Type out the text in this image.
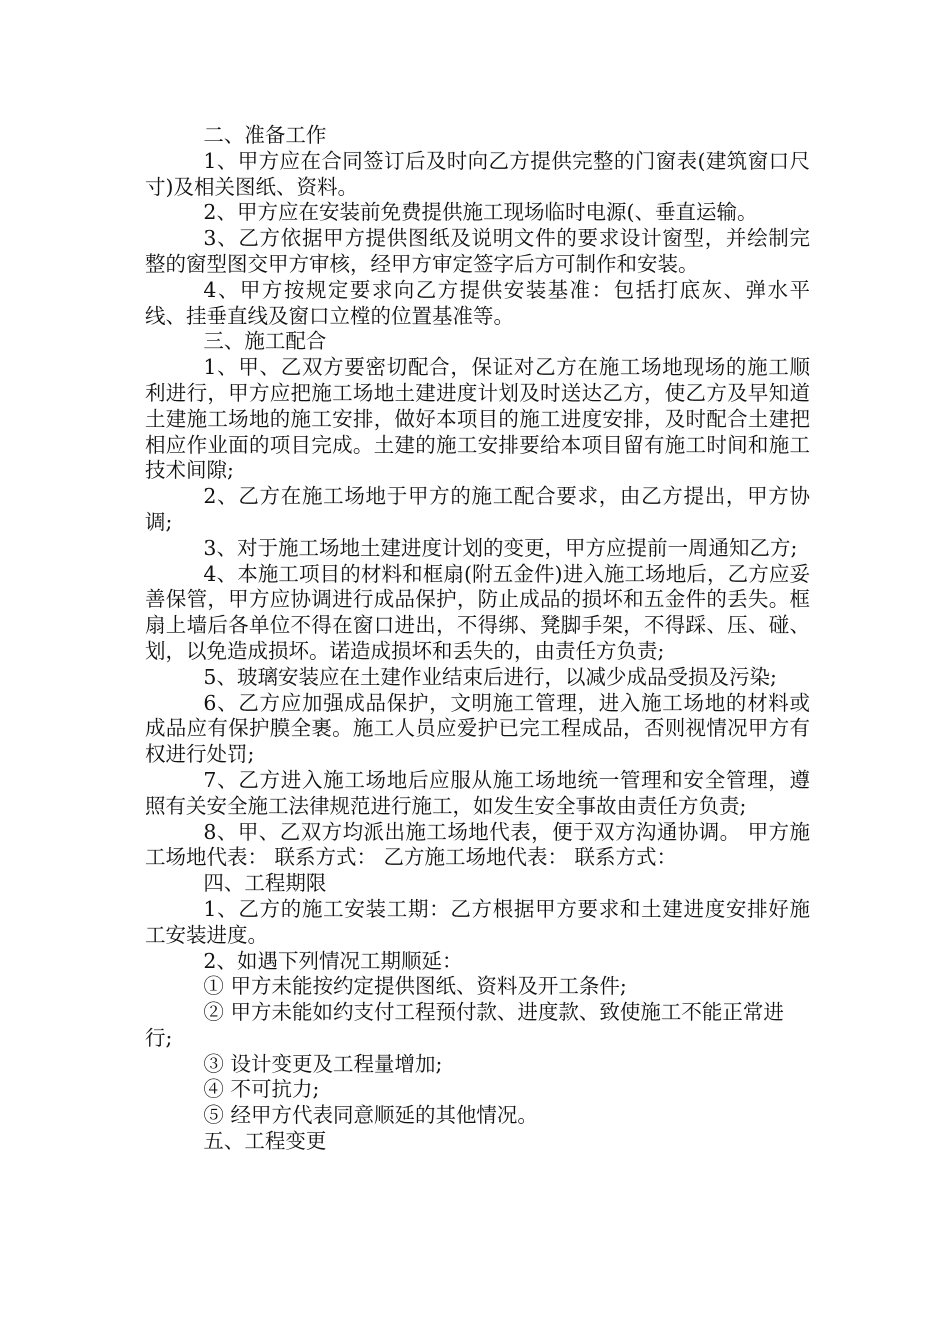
二、准备工作

1、甲方应在合同签订后及时向乙方提供完整的门窗表(建筑窗口尺寸)及相关图纸、资料。

2、甲方应在安装前免费提供施工现场临时电源(、垂直运输。

3、乙方依据甲方提供图纸及说明文件的要求设计窗型，并绘制完整的窗型图交甲方审核，经甲方审定签字后方可制作和安装。

4、甲方按规定要求向乙方提供安装基准：包括打底灰、弹水平线、挂垂直线及窗口立樘的位置基准等。

三、施工配合

1、甲、乙双方要密切配合，保证对乙方在施工场地现场的施工顺利进行，甲方应把施工场地土建进度计划及时送达乙方，使乙方及早知道土建施工场地的施工安排，做好本项目的施工进度安排，及时配合土建把相应作业面的项目完成。土建的施工安排要给本项目留有施工时间和施工技术间隙;

2、乙方在施工场地于甲方的施工配合要求，由乙方提出，甲方协调;

3、对于施工场地土建进度计划的变更，甲方应提前一周通知乙方;

4、本施工项目的材料和框扇(附五金件)进入施工场地后，乙方应妥善保管，甲方应协调进行成品保护，防止成品的损坏和五金件的丢失。框扇上墙后各单位不得在窗口进出，不得绑、凳脚手架，不得踩、压、碰、划，以免造成损坏。诺造成损坏和丢失的，由责任方负责;

5、玻璃安装应在土建作业结束后进行，以减少成品受损及污染;

6、乙方应加强成品保护，文明施工管理，进入施工场地的材料或成品应有保护膜全裹。施工人员应爱护已完工程成品，否则视情况甲方有权进行处罚;

7、乙方进入施工场地后应服从施工场地统一管理和安全管理，遵照有关安全施工法律规范进行施工，如发生安全事故由责任方负责;

8、甲、乙双方均派出施工场地代表，便于双方沟通协调。 甲方施工场地代表： 联系方式： 乙方施工场地代表： 联系方式：

四、工程期限

1、乙方的施工安装工期：乙方根据甲方要求和土建进度安排好施工安装进度。

2、如遇下列情况工期顺延：

① 甲方未能按约定提供图纸、资料及开工条件;

② 甲方未能如约支付工程预付款、进度款、致使施工不能正常进行;

③ 设计变更及工程量增加;

④ 不可抗力;

⑤ 经甲方代表同意顺延的其他情况。

五、工程变更
